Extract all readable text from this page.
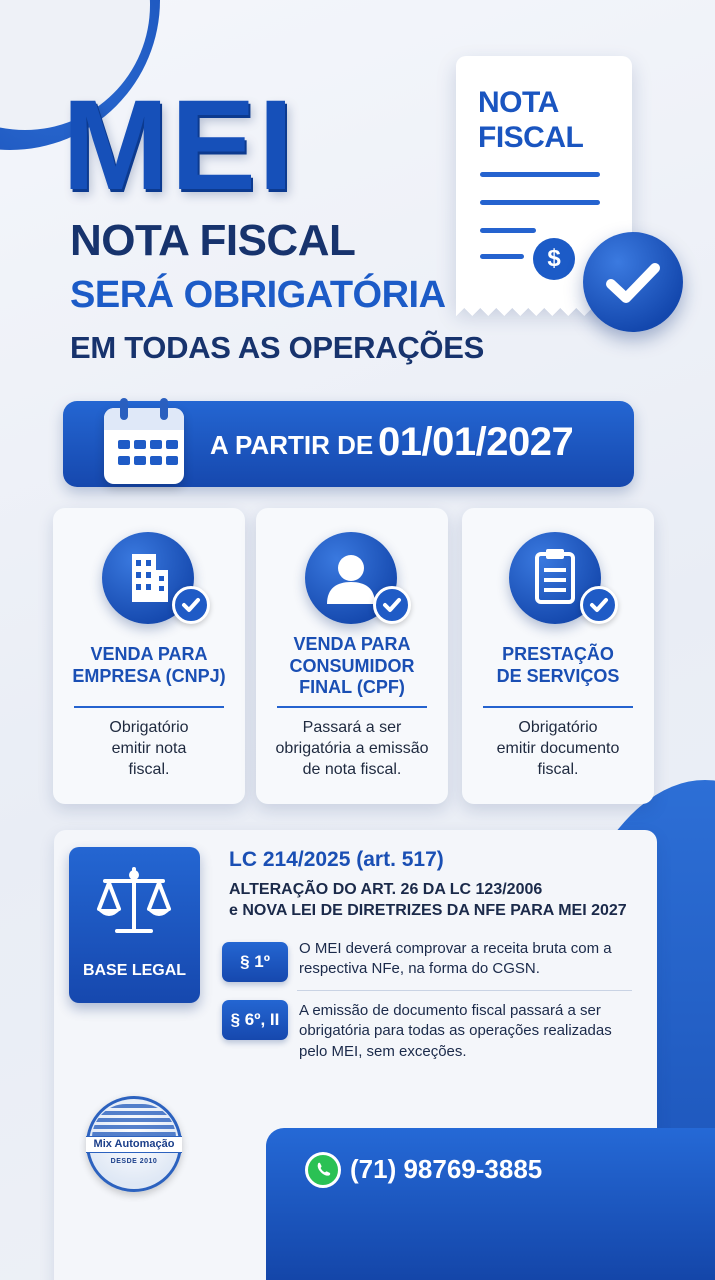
MEI
NOTA FISCAL
SERÁ OBRIGATÓRIA
EM TODAS AS OPERAÇÕES
NOTA
FISCAL
$
A PARTIR DE 01/01/2027
VENDA PARA
EMPRESA (CNPJ)
Obrigatório
emitir nota
fiscal.
VENDA PARA
CONSUMIDOR
FINAL (CPF)
Passará a ser
obrigatória a emissão
de nota fiscal.
PRESTAÇÃO
DE SERVIÇOS
Obrigatório
emitir documento
fiscal.
BASE LEGAL
LC 214/2025 (art. 517)
ALTERAÇÃO DO ART. 26 DA LC 123/2006
e NOVA LEI DE DIRETRIZES DA NFE PARA MEI 2027
§ 1º
O MEI deverá comprovar a receita bruta com a
respectiva NFe, na forma do CGSN.
§ 6º, II	A emissão de documento fiscal passará a ser
obrigatória para todas as operações realizadas
pelo MEI, sem exceções.
Mix Automação
DESDE 2010	(71) 98769-3885
